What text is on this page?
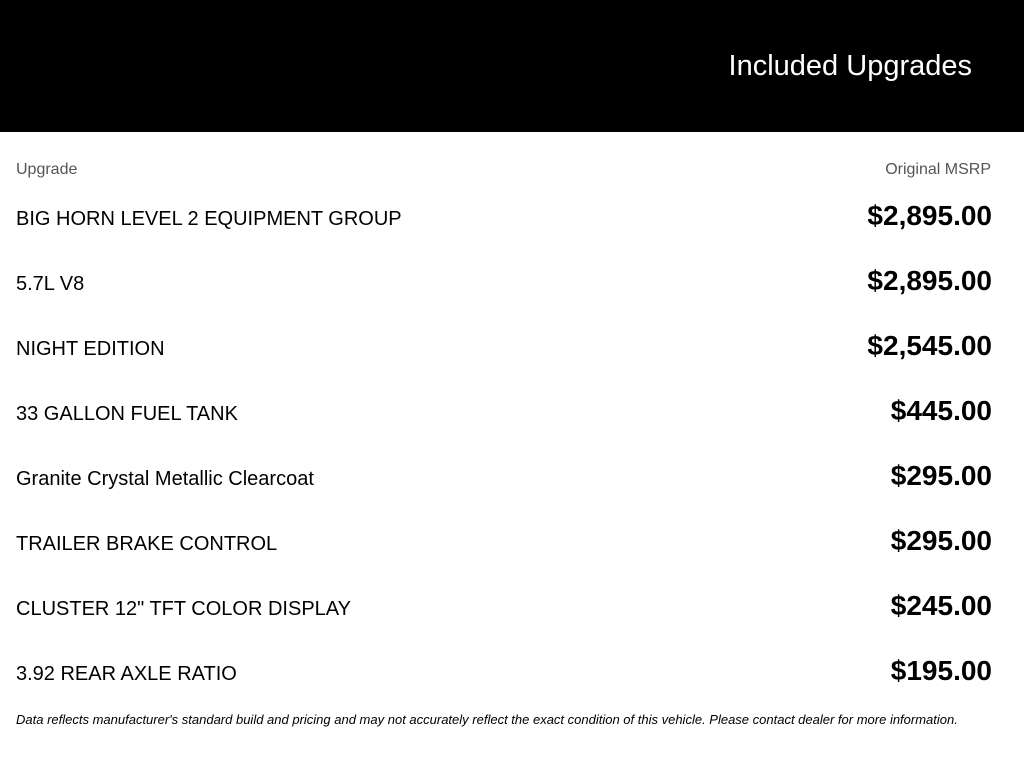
Included Upgrades
Upgrade	Original MSRP
BIG HORN LEVEL 2 EQUIPMENT GROUP	$2,895.00
5.7L V8	$2,895.00
NIGHT EDITION	$2,545.00
33 GALLON FUEL TANK	$445.00
Granite Crystal Metallic Clearcoat	$295.00
TRAILER BRAKE CONTROL	$295.00
CLUSTER 12" TFT COLOR DISPLAY	$245.00
3.92 REAR AXLE RATIO	$195.00
Data reflects manufacturer's standard build and pricing and may not accurately reflect the exact condition of this vehicle. Please contact dealer for more information.
